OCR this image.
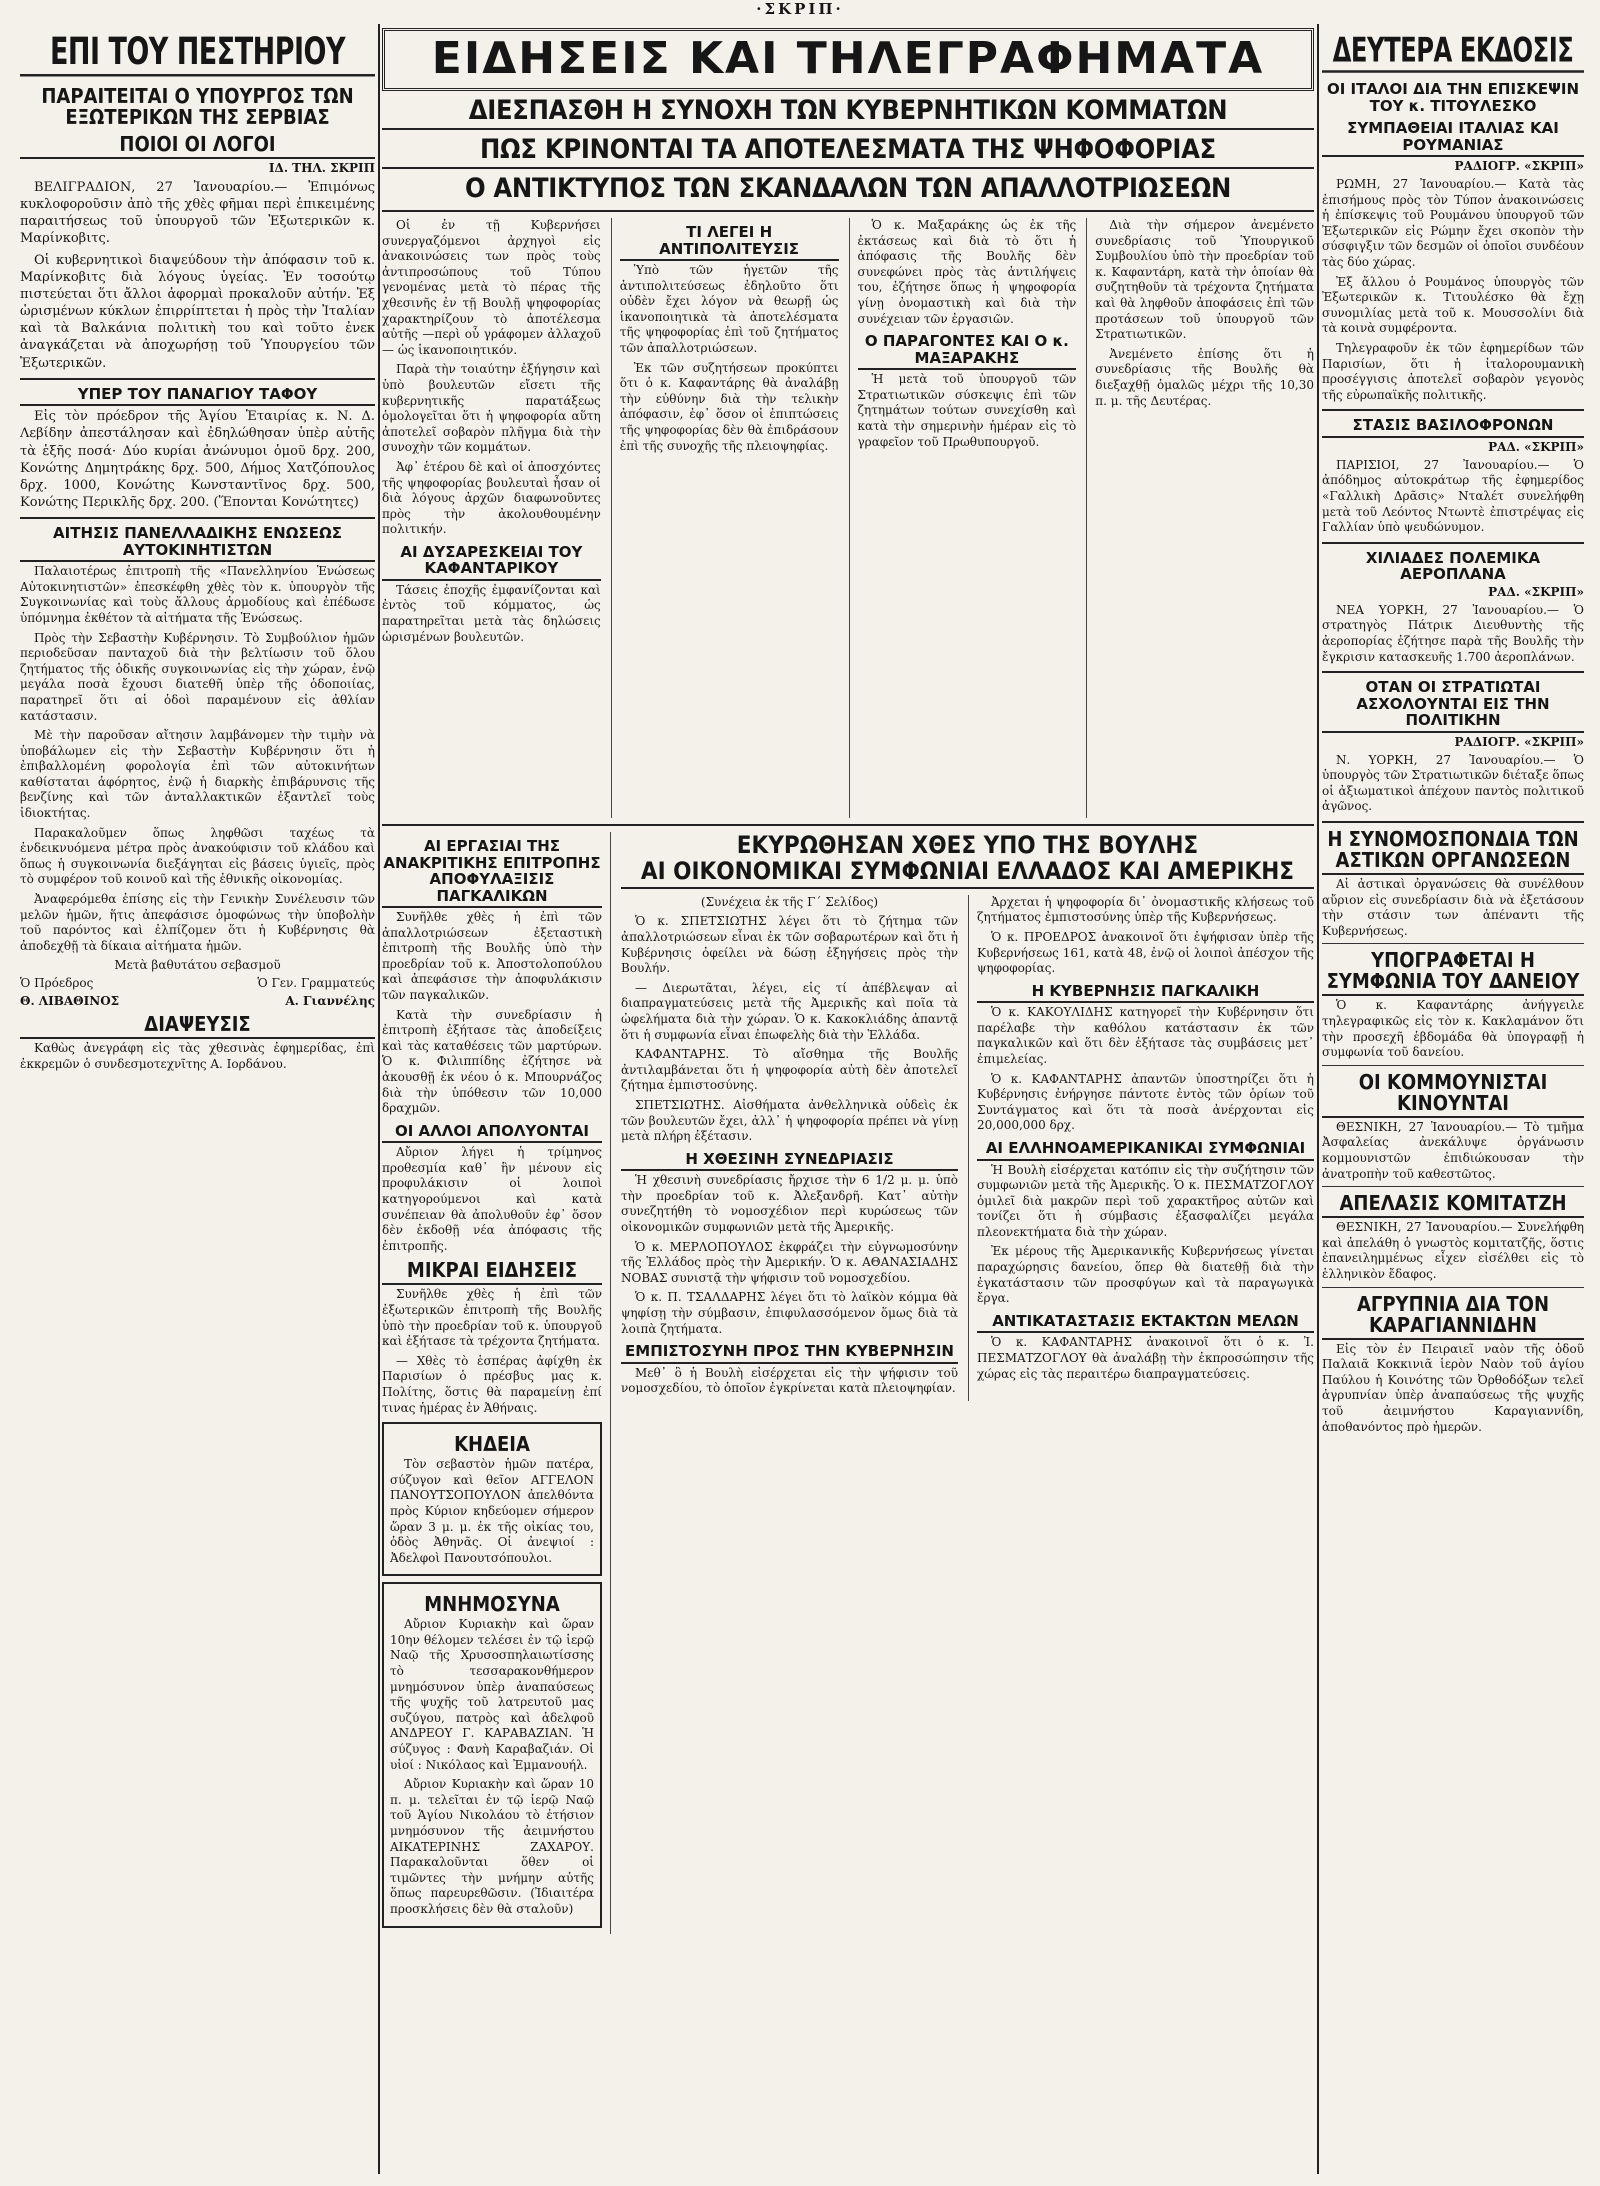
·ΣΚΡΙΠ·
ΕΠΙ ΤΟΥ ΠΕΣΤΗΡΙΟΥ
ΠΑΡΑΙΤΕΙΤΑΙ Ο ΥΠΟΥΡΓΟΣ ΤΩΝ ΕΞΩΤΕΡΙΚΩΝ ΤΗΣ ΣΕΡΒΙΑΣ
ΠΟΙΟΙ ΟΙ ΛΟΓΟΙ
ΙΔ. ΤΗΛ. ΣΚΡΙΠ

ΒΕΛΙΓΡΑΔΙΟΝ, 27 Ἰανουαρίου.— Ἐπιμόνως κυκλοφοροῦσιν ἀπὸ τῆς χθὲς φῆμαι περὶ ἐπικειμένης παραιτήσεως τοῦ ὑπουργοῦ τῶν Ἐξωτερικῶν κ. Μαρίνκοβιτς.

Οἱ κυβερνητικοὶ διαψεύδουν τὴν ἀπόφασιν τοῦ κ. Μαρίνκοβιτς διὰ λόγους ὑγείας. Ἐν τοσούτῳ πιστεύεται ὅτι ἄλλοι ἀφορμαὶ προκαλοῦν αὐτήν. Ἐξ ὡρισμένων κύκλων ἐπιρρίπτεται ἡ πρὸς τὴν Ἰταλίαν καὶ τὰ Βαλκάνια πολιτικὴ του καὶ τοῦτο ἐνεκ ἀναγκάζεται νὰ ἀποχωρήσῃ τοῦ Ὑπουργείου τῶν Ἐξωτερικῶν.

ΥΠΕΡ ΤΟΥ ΠΑΝΑΓΙΟΥ ΤΑΦΟΥ

Εἰς τὸν πρόεδρον τῆς Ἁγίου Ἑταιρίας κ. Ν. Δ. Λεβίδην ἀπεστάλησαν καὶ ἐδηλώθησαν ὑπὲρ αὐτῆς τὰ ἑξῆς ποσά· Δύο κυρίαι ἀνώνυμοι ὁμοῦ δρχ. 200, Κονώτης Δημητράκης δρχ. 500, Δήμος Χατζόπουλος δρχ. 1000, Κονώτης Κωνσταντῖνος δρχ. 500, Κονώτης Περικλῆς δρχ. 200. (Ἕπονται Κονώτητες)

ΑΙΤΗΣΙΣ ΠΑΝΕΛΛΑΔΙΚΗΣ ΕΝΩΣΕΩΣ ΑΥΤΟΚΙΝΗΤΙΣΤΩΝ

Παλαιοτέρως ἐπιτροπὴ τῆς «Πανελληνίου Ἑνώσεως Αὐτοκινητιστῶν» ἐπεσκέφθη χθὲς τὸν κ. ὑπουργὸν τῆς Συγκοινωνίας καὶ τοὺς ἄλλους ἀρμοδίους καὶ ἐπέδωσε ὑπόμνημα ἐκθέτον τὰ αἰτήματα τῆς Ἑνώσεως.

Πρὸς τὴν Σεβαστὴν Κυβέρνησιν. Τὸ Συμβούλιον ἡμῶν περιοδεῦσαν πανταχοῦ διὰ τὴν βελτίωσιν τοῦ ὅλου ζητήματος τῆς ὁδικῆς συγκοινωνίας εἰς τὴν χώραν, ἐνῷ μεγάλα ποσὰ ἔχουσι διατεθῆ ὑπὲρ τῆς ὁδοποιίας, παρατηρεῖ ὅτι αἱ ὁδοὶ παραμένουν εἰς ἀθλίαν κατάστασιν.

Μὲ τὴν παροῦσαν αἴτησιν λαμβάνομεν τὴν τιμὴν νὰ ὑποβάλωμεν εἰς τὴν Σεβαστὴν Κυβέρνησιν ὅτι ἡ ἐπιβαλλομένη φορολογία ἐπὶ τῶν αὐτοκινήτων καθίσταται ἀφόρητος, ἐνῷ ἡ διαρκὴς ἐπιβάρυνσις τῆς βενζίνης καὶ τῶν ἀνταλλακτικῶν ἐξαντλεῖ τοὺς ἰδιοκτήτας.

Παρακαλοῦμεν ὅπως ληφθῶσι ταχέως τὰ ἐνδεικνυόμενα μέτρα πρὸς ἀνακούφισιν τοῦ κλάδου καὶ ὅπως ἡ συγκοινωνία διεξάγηται εἰς βάσεις ὑγιεῖς, πρὸς τὸ συμφέρον τοῦ κοινοῦ καὶ τῆς ἐθνικῆς οἰκονομίας.

Ἀναφερόμεθα ἐπίσης εἰς τὴν Γενικὴν Συνέλευσιν τῶν μελῶν ἡμῶν, ἥτις ἀπεφάσισε ὁμοφώνως τὴν ὑποβολὴν τοῦ παρόντος καὶ ἐλπίζομεν ὅτι ἡ Κυβέρνησις θὰ ἀποδεχθῇ τὰ δίκαια αἰτήματα ἡμῶν.

Μετὰ βαθυτάτου σεβασμοῦ
Ὁ Πρόεδρος	Ὁ Γεν. Γραμματεύς
Θ. ΛΙΒΑΘΙΝΟΣ	Α. Γιαννέλης
ΔΙΑΨΕΥΣΙΣ

Καθὼς ἀνεγράφη εἰς τὰς χθεσινὰς ἐφημερίδας, ἐπὶ ἐκκρεμῶν ὁ συνδεσμοτεχνῖτης Α. Ιορδάνου.

ΕΙΔΗΣΕΙΣ ΚΑΙ ΤΗΛΕΓΡΑΦΗΜΑΤΑ
ΔΙΕΣΠΑΣΘΗ Η ΣΥΝΟΧΗ ΤΩΝ ΚΥΒΕΡΝΗΤΙΚΩΝ ΚΟΜΜΑΤΩΝ
ΠΩΣ ΚΡΙΝΟΝΤΑΙ ΤΑ ΑΠΟΤΕΛΕΣΜΑΤΑ ΤΗΣ ΨΗΦΟΦΟΡΙΑΣ
Ο ΑΝΤΙΚΤΥΠΟΣ ΤΩΝ ΣΚΑΝΔΑΛΩΝ ΤΩΝ ΑΠΑΛΛΟΤΡΙΩΣΕΩΝ

Οἱ ἐν τῇ Κυβερνήσει συνεργαζόμενοι ἀρχηγοὶ εἰς ἀνακοινώσεις των πρὸς τοὺς ἀντιπροσώπους τοῦ Τύπου γενομένας μετὰ τὸ πέρας τῆς χθεσινῆς ἐν τῇ Βουλῇ ψηφοφορίας χαρακτηρίζουν τὸ ἀποτέλεσμα αὐτῆς —περὶ οὗ γράφομεν ἀλλαχοῦ— ὡς ἱκανοποιητικόν.

Παρὰ τὴν τοιαύτην ἐξήγησιν καὶ ὑπὸ βουλευτῶν εἴσετι τῆς κυβερνητικῆς παρατάξεως ὁμολογεῖται ὅτι ἡ ψηφοφορία αὕτη ἀποτελεῖ σοβαρὸν πλῆγμα διὰ τὴν συνοχὴν τῶν κομμάτων.

Ἀφ᾽ ἑτέρου δὲ καὶ οἱ ἀποσχόντες τῆς ψηφοφορίας βουλευταὶ ἦσαν οἱ διὰ λόγους ἀρχῶν διαφωνοῦντες πρὸς τὴν ἀκολουθουμένην πολιτικήν.

ΑΙ ΔΥΣΑΡΕΣΚΕΙΑΙ ΤΟΥ ΚΑΦΑΝΤΑΡΙΚΟΥ

Τάσεις ἐποχῆς ἐμφανίζονται καὶ ἐντὸς τοῦ κόμματος, ὡς παρατηρεῖται μετὰ τὰς δηλώσεις ὡρισμένων βουλευτῶν.

ΤΙ ΛΕΓΕΙ Η ΑΝΤΙΠΟΛΙΤΕΥΣΙΣ

Ὑπὸ τῶν ἡγετῶν τῆς ἀντιπολιτεύσεως ἐδηλοῦτο ὅτι οὐδὲν ἔχει λόγον νὰ θεωρῇ ὡς ἱκανοποιητικὰ τὰ ἀποτελέσματα τῆς ψηφοφορίας ἐπὶ τοῦ ζητήματος τῶν ἀπαλλοτριώσεων.

Ἐκ τῶν συζητήσεων προκύπτει ὅτι ὁ κ. Καφαντάρης θὰ ἀναλάβῃ τὴν εὐθύνην διὰ τὴν τελικὴν ἀπόφασιν, ἐφ᾽ ὅσον οἱ ἐπιπτώσεις τῆς ψηφοφορίας δὲν θὰ ἐπιδράσουν ἐπὶ τῆς συνοχῆς τῆς πλειοψηφίας.

Ὁ κ. Μαξαράκης ὡς ἐκ τῆς ἐκτάσεως καὶ διὰ τὸ ὅτι ἡ ἀπόφασις τῆς Βουλῆς δὲν συνεφώνει πρὸς τὰς ἀντιλήψεις του, ἐζήτησε ὅπως ἡ ψηφοφορία γίνῃ ὀνομαστικὴ καὶ διὰ τὴν συνέχειαν τῶν ἐργασιῶν.

Ο ΠΑΡΑΓΟΝΤΕΣ ΚΑΙ Ο κ. ΜΑΞΑΡΑΚΗΣ

Ἡ μετὰ τοῦ ὑπουργοῦ τῶν Στρατιωτικῶν σύσκεψις ἐπὶ τῶν ζητημάτων τούτων συνεχίσθη καὶ κατὰ τὴν σημερινὴν ἡμέραν εἰς τὸ γραφεῖον τοῦ Πρωθυπουργοῦ.

Διὰ τὴν σήμερον ἀνεμένετο συνεδρίασις τοῦ Ὑπουργικοῦ Συμβουλίου ὑπὸ τὴν προεδρίαν τοῦ κ. Καφαντάρη, κατὰ τὴν ὁποίαν θὰ συζητηθοῦν τὰ τρέχοντα ζητήματα καὶ θὰ ληφθοῦν ἀποφάσεις ἐπὶ τῶν προτάσεων τοῦ ὑπουργοῦ τῶν Στρατιωτικῶν.

Ἀνεμένετο ἐπίσης ὅτι ἡ συνεδρίασις τῆς Βουλῆς θὰ διεξαχθῇ ὁμαλῶς μέχρι τῆς 10,30 π. μ. τῆς Δευτέρας.

ΑΙ ΕΡΓΑΣΙΑΙ ΤΗΣ ΑΝΑΚΡΙΤΙΚΗΣ ΕΠΙΤΡΟΠΗΣ ΑΠΟΦΥΛΑΞΙΣΙΣ ΠΑΓΚΑΛΙΚΩΝ

Συνῆλθε χθὲς ἡ ἐπὶ τῶν ἀπαλλοτριώσεων ἐξεταστικὴ ἐπιτροπὴ τῆς Βουλῆς ὑπὸ τὴν προεδρίαν τοῦ κ. Ἀποστολοπούλου καὶ ἀπεφάσισε τὴν ἀποφυλάκισιν τῶν παγκαλικῶν.

Κατὰ τὴν συνεδρίασιν ἡ ἐπιτροπὴ ἐξήτασε τὰς ἀποδείξεις καὶ τὰς καταθέσεις τῶν μαρτύρων. Ὁ κ. Φιλιππίδης ἐζήτησε νὰ ἀκουσθῇ ἐκ νέου ὁ κ. Μπουρνάζος διὰ τὴν ὑπόθεσιν τῶν 10,000 δραχμῶν.

ΟΙ ΑΛΛΟΙ ΑΠΟΛΥΟΝΤΑΙ

Αὔριον λήγει ἡ τρίμηνος προθεσμία καθ᾽ ἣν μένουν εἰς προφυλάκισιν οἱ λοιποὶ κατηγορούμενοι καὶ κατὰ συνέπειαν θὰ ἀπολυθοῦν ἐφ᾽ ὅσον δὲν ἐκδοθῇ νέα ἀπόφασις τῆς ἐπιτροπῆς.

ΜΙΚΡΑΙ ΕΙΔΗΣΕΙΣ

Συνῆλθε χθὲς ἡ ἐπὶ τῶν ἐξωτερικῶν ἐπιτροπὴ τῆς Βουλῆς ὑπὸ τὴν προεδρίαν τοῦ κ. ὑπουργοῦ καὶ ἐξήτασε τὰ τρέχοντα ζητήματα.

— Χθὲς τὸ ἑσπέρας ἀφίχθη ἐκ Παρισίων ὁ πρέσβυς μας κ. Πολίτης, ὅστις θὰ παραμείνῃ ἐπί τινας ἡμέρας ἐν Ἀθήναις.

ΚΗΔΕΙΑ

Τὸν σεβαστὸν ἡμῶν πατέρα, σύζυγον καὶ θεῖον ΑΓΓΕΛΟΝ ΠΑΝΟΥΤΣΟΠΟΥΛΟΝ ἀπελθόντα πρὸς Κύριον κηδεύομεν σήμερον ὥραν 3 μ. μ. ἐκ τῆς οἰκίας του, ὁδὸς Ἀθηνᾶς. Οἱ ἀνεψιοί : Ἀδελφοὶ Πανουτσόπουλοι.

ΜΝΗΜΟΣΥΝΑ

Αὔριον Κυριακὴν καὶ ὥραν 10ην θέλομεν τελέσει ἐν τῷ ἱερῷ Ναῷ τῆς Χρυσοσπηλαιωτίσσης τὸ τεσσαρακονθήμερον μνημόσυνον ὑπὲρ ἀναπαύσεως τῆς ψυχῆς τοῦ λατρευτοῦ μας συζύγου, πατρὸς καὶ ἀδελφοῦ ΑΝΔΡΕΟΥ Γ. ΚΑΡΑΒΑΖΙΑΝ. Ἡ σύζυγος : Φανὴ Καραβαζιάν. Οἱ υἱοί : Νικόλαος καὶ Ἐμμανουήλ.

Αὔριον Κυριακὴν καὶ ὥραν 10 π. μ. τελεῖται ἐν τῷ ἱερῷ Ναῷ τοῦ Ἁγίου Νικολάου τὸ ἐτήσιον μνημόσυνον τῆς ἀειμνήστου ΑΙΚΑΤΕΡΙΝΗΣ ΖΑΧΑΡΟΥ. Παρακαλοῦνται ὅθεν οἱ τιμῶντες τὴν μνήμην αὐτῆς ὅπως παρευρεθῶσιν. (Ἰδιαιτέρα προσκλήσεις δὲν θὰ σταλοῦν)

ΕΚΥΡΩΘΗΣΑΝ ΧΘΕΣ ΥΠΟ ΤΗΣ ΒΟΥΛΗΣ
ΑΙ ΟΙΚΟΝΟΜΙΚΑΙ ΣΥΜΦΩΝΙΑΙ ΕΛΛΑΔΟΣ ΚΑΙ ΑΜΕΡΙΚΗΣ

(Συνέχεια ἐκ τῆς Γ΄ Σελίδος)

Ὁ κ. ΣΠΕΤΣΙΩΤΗΣ λέγει ὅτι τὸ ζήτημα τῶν ἀπαλλοτριώσεων εἶναι ἐκ τῶν σοβαρωτέρων καὶ ὅτι ἡ Κυβέρνησις ὀφείλει νὰ δώσῃ ἐξηγήσεις πρὸς τὴν Βουλήν.

— Διερωτᾶται, λέγει, εἰς τί ἀπέβλεψαν αἱ διαπραγματεύσεις μετὰ τῆς Ἀμερικῆς καὶ ποῖα τὰ ὠφελήματα διὰ τὴν χώραν. Ὁ κ. Κακοκλιάδης ἀπαντᾷ ὅτι ἡ συμφωνία εἶναι ἐπωφελὴς διὰ τὴν Ἑλλάδα.

ΚΑΦΑΝΤΑΡΗΣ. Τὸ αἴσθημα τῆς Βουλῆς ἀντιλαμβάνεται ὅτι ἡ ψηφοφορία αὐτὴ δὲν ἀποτελεῖ ζήτημα ἐμπιστοσύνης.

ΣΠΕΤΣΙΩΤΗΣ. Αἰσθήματα ἀνθελληνικὰ οὐδεὶς ἐκ τῶν βουλευτῶν ἔχει, ἀλλ᾽ ἡ ψηφοφορία πρέπει νὰ γίνῃ μετὰ πλήρη ἐξέτασιν.

Η ΧΘΕΣΙΝΗ ΣΥΝΕΔΡΙΑΣΙΣ

Ἡ χθεσινὴ συνεδρίασις ἤρχισε τὴν 6 1/2 μ. μ. ὑπὸ τὴν προεδρίαν τοῦ κ. Ἀλεξανδρῆ. Κατ᾽ αὐτὴν συνεζητήθη τὸ νομοσχέδιον περὶ κυρώσεως τῶν οἰκονομικῶν συμφωνιῶν μετὰ τῆς Ἀμερικῆς.

Ὁ κ. ΜΕΡΛΟΠΟΥΛΟΣ ἐκφράζει τὴν εὐγνωμοσύνην τῆς Ἑλλάδος πρὸς τὴν Ἀμερικήν. Ὁ κ. ΑΘΑΝΑΣΙΑΔΗΣ ΝΟΒΑΣ συνιστᾷ τὴν ψήφισιν τοῦ νομοσχεδίου.

Ὁ κ. Π. ΤΣΑΛΔΑΡΗΣ λέγει ὅτι τὸ λαϊκὸν κόμμα θὰ ψηφίσῃ τὴν σύμβασιν, ἐπιφυλασσόμενον ὅμως διὰ τὰ λοιπὰ ζητήματα.

ΕΜΠΙΣΤΟΣΥΝΗ ΠΡΟΣ ΤΗΝ ΚΥΒΕΡΝΗΣΙΝ

Μεθ᾽ ὃ ἡ Βουλὴ εἰσέρχεται εἰς τὴν ψήφισιν τοῦ νομοσχεδίου, τὸ ὁποῖον ἐγκρίνεται κατὰ πλειοψηφίαν.

Ἀρχεται ἡ ψηφοφορία δι᾽ ὀνομαστικῆς κλήσεως τοῦ ζητήματος ἐμπιστοσύνης ὑπὲρ τῆς Κυβερνήσεως.

Ὁ κ. ΠΡΟΕΔΡΟΣ ἀνακοινοῖ ὅτι ἐψήφισαν ὑπὲρ τῆς Κυβερνήσεως 161, κατὰ 48, ἐνῷ οἱ λοιποὶ ἀπέσχον τῆς ψηφοφορίας.

Η ΚΥΒΕΡΝΗΣΙΣ ΠΑΓΚΑΛΙΚΗ

Ὁ κ. ΚΑΚΟΥΛΙΔΗΣ κατηγορεῖ τὴν Κυβέρνησιν ὅτι παρέλαβε τὴν καθόλου κατάστασιν ἐκ τῶν παγκαλικῶν καὶ ὅτι δὲν ἐξήτασε τὰς συμβάσεις μετ᾽ ἐπιμελείας.

Ὁ κ. ΚΑΦΑΝΤΑΡΗΣ ἀπαντῶν ὑποστηρίζει ὅτι ἡ Κυβέρνησις ἐνήργησε πάντοτε ἐντὸς τῶν ὁρίων τοῦ Συντάγματος καὶ ὅτι τὰ ποσὰ ἀνέρχονται εἰς 20,000,000 δρχ.

ΑΙ ΕΛΛΗΝΟΑΜΕΡΙΚΑΝΙΚΑΙ ΣΥΜΦΩΝΙΑΙ

Ἡ Βουλὴ εἰσέρχεται κατόπιν εἰς τὴν συζήτησιν τῶν συμφωνιῶν μετὰ τῆς Ἀμερικῆς. Ὁ κ. ΠΕΣΜΑΤΖΟΓΛΟΥ ὁμιλεῖ διὰ μακρῶν περὶ τοῦ χαρακτῆρος αὐτῶν καὶ τονίζει ὅτι ἡ σύμβασις ἐξασφαλίζει μεγάλα πλεονεκτήματα διὰ τὴν χώραν.

Ἐκ μέρους τῆς Ἀμερικανικῆς Κυβερνήσεως γίνεται παραχώρησις δανείου, ὅπερ θὰ διατεθῇ διὰ τὴν ἐγκατάστασιν τῶν προσφύγων καὶ τὰ παραγωγικὰ ἔργα.

ΑΝΤΙΚΑΤΑΣΤΑΣΙΣ ΕΚΤΑΚΤΩΝ ΜΕΛΩΝ

Ὁ κ. ΚΑΦΑΝΤΑΡΗΣ ἀνακοινοῖ ὅτι ὁ κ. Ἰ. ΠΕΣΜΑΤΖΟΓΛΟΥ θὰ ἀναλάβῃ τὴν ἐκπροσώπησιν τῆς χώρας εἰς τὰς περαιτέρω διαπραγματεύσεις.

ΔΕΥΤΕΡΑ ΕΚΔΟΣΙΣ
ΟΙ ΙΤΑΛΟΙ ΔΙΑ ΤΗΝ ΕΠΙΣΚΕΨΙΝ ΤΟΥ κ. ΤΙΤΟΥΛΕΣΚΟ
ΣΥΜΠΑΘΕΙΑΙ ΙΤΑΛΙΑΣ ΚΑΙ ΡΟΥΜΑΝΙΑΣ
ΡΑΔΙΟΓΡ. «ΣΚΡΙΠ»

ΡΩΜΗ, 27 Ἰανουαρίου.— Κατὰ τὰς ἐπισήμους πρὸς τὸν Τύπον ἀνακοινώσεις ἡ ἐπίσκεψις τοῦ Ρουμάνου ὑπουργοῦ τῶν Ἐξωτερικῶν εἰς Ρώμην ἔχει σκοπὸν τὴν σύσφιγξιν τῶν δεσμῶν οἱ ὁποῖοι συνδέουν τὰς δύο χώρας.

Ἐξ ἄλλου ὁ Ρουμάνος ὑπουργὸς τῶν Ἐξωτερικῶν κ. Τιτουλέσκο θὰ ἔχῃ συνομιλίας μετὰ τοῦ κ. Μουσσολίνι διὰ τὰ κοινὰ συμφέροντα.

Τηλεγραφοῦν ἐκ τῶν ἐφημερίδων τῶν Παρισίων, ὅτι ἡ ἰταλορουμανικὴ προσέγγισις ἀποτελεῖ σοβαρὸν γεγονὸς τῆς εὐρωπαϊκῆς πολιτικῆς.

ΣΤΑΣΙΣ ΒΑΣΙΛΟΦΡΟΝΩΝ
ΡΑΔ. «ΣΚΡΙΠ»

ΠΑΡΙΣΙΟΙ, 27 Ἰανουαρίου.— Ὁ ἀπόδημος αὐτοκράτωρ τῆς ἐφημερίδος «Γαλλικὴ Δρᾶσις» Νταλέτ συνελήφθη μετὰ τοῦ Λεόντος Ντωντὲ ἐπιστρέψας εἰς Γαλλίαν ὑπὸ ψευδώνυμον.

ΧΙΛΙΑΔΕΣ ΠΟΛΕΜΙΚΑ ΑΕΡΟΠΛΑΝΑ
ΡΑΔ. «ΣΚΡΙΠ»

ΝΕΑ ΥΟΡΚΗ, 27 Ἰανουαρίου.— Ὁ στρατηγὸς Πάτρικ Διευθυντὴς τῆς ἀεροπορίας ἐζήτησε παρὰ τῆς Βουλῆς τὴν ἔγκρισιν κατασκευῆς 1.700 ἀεροπλάνων.

ΟΤΑΝ ΟΙ ΣΤΡΑΤΙΩΤΑΙ ΑΣΧΟΛΟΥΝΤΑΙ ΕΙΣ ΤΗΝ ΠΟΛΙΤΙΚΗΝ
ΡΑΔΙΟΓΡ. «ΣΚΡΙΠ»

Ν. ΥΟΡΚΗ, 27 Ἰανουαρίου.— Ὁ ὑπουργὸς τῶν Στρατιωτικῶν διέταξε ὅπως οἱ ἀξιωματικοὶ ἀπέχουν παντὸς πολιτικοῦ ἀγῶνος.

Η ΣΥΝΟΜΟΣΠΟΝΔΙΑ ΤΩΝ ΑΣΤΙΚΩΝ ΟΡΓΑΝΩΣΕΩΝ

Αἱ ἀστικαὶ ὀργανώσεις θὰ συνέλθουν αὔριον εἰς συνεδρίασιν διὰ νὰ ἐξετάσουν τὴν στάσιν των ἀπέναντι τῆς Κυβερνήσεως.

ΥΠΟΓΡΑΦΕΤΑΙ Η ΣΥΜΦΩΝΙΑ ΤΟΥ ΔΑΝΕΙΟΥ

Ὁ κ. Καφαντάρης ἀνήγγειλε τηλεγραφικῶς εἰς τὸν κ. Κακλαμάνον ὅτι τὴν προσεχῆ ἑβδομάδα θὰ ὑπογραφῇ ἡ συμφωνία τοῦ δανείου.

ΟΙ ΚΟΜΜΟΥΝΙΣΤΑΙ ΚΙΝΟΥΝΤΑΙ

ΘΕΣΝΙΚΗ, 27 Ἰανουαρίου.— Τὸ τμῆμα Ἀσφαλείας ἀνεκάλυψε ὀργάνωσιν κομμουνιστῶν ἐπιδιώκουσαν τὴν ἀνατροπὴν τοῦ καθεστῶτος.

ΑΠΕΛΑΣΙΣ ΚΟΜΙΤΑΤΖΗ

ΘΕΣΝΙΚΗ, 27 Ἰανουαρίου.— Συνελήφθη καὶ ἀπελάθη ὁ γνωστὸς κομιτατζῆς, ὅστις ἐπανειλημμένως εἶχεν εἰσέλθει εἰς τὸ ἑλληνικὸν ἔδαφος.

ΑΓΡΥΠΝΙΑ ΔΙΑ ΤΟΝ ΚΑΡΑΓΙΑΝΝΙΔΗΝ

Εἰς τὸν ἐν Πειραιεῖ ναὸν τῆς ὁδοῦ Παλαιᾶ Κοκκινιᾶ ἱερὸν Ναὸν τοῦ ἁγίου Παύλου ἡ Κοινότης τῶν Ὀρθοδόξων τελεῖ ἀγρυπνίαν ὑπὲρ ἀναπαύσεως τῆς ψυχῆς τοῦ ἀειμνήστου Καραγιαννίδη, ἀποθανόντος πρὸ ἡμερῶν.
